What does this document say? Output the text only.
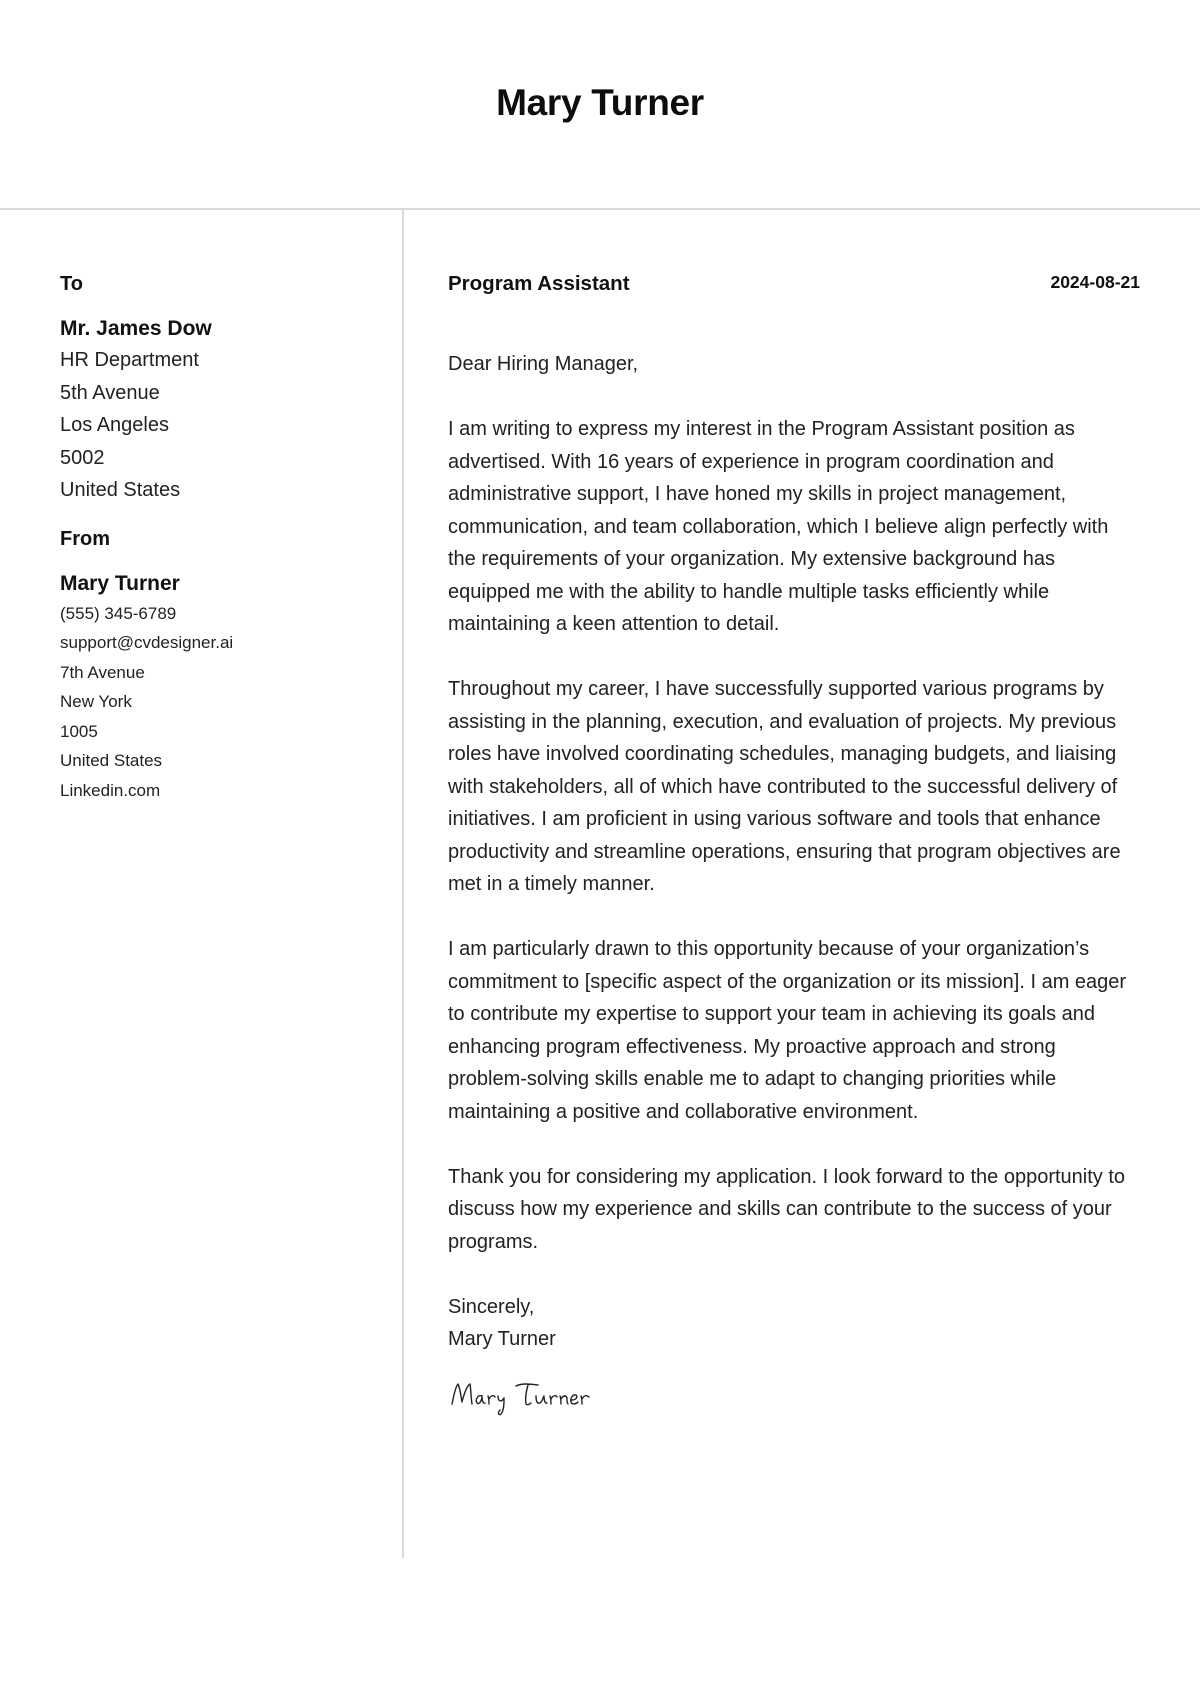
Mary Turner
To
Mr. James Dow
HR Department
5th Avenue
Los Angeles
5002
United States
From
Mary Turner
(555) 345-6789
support@cvdesigner.ai
7th Avenue
New York
1005
United States
Linkedin.com
Program Assistant	2024-08-21
Dear Hiring Manager,
I am writing to express my interest in the Program Assistant position as advertised. With 16 years of experience in program coordination and administrative support, I have honed my skills in project management, communication, and team collaboration, which I believe align perfectly with the requirements of your organization. My extensive background has equipped me with the ability to handle multiple tasks efficiently while maintaining a keen attention to detail.
Throughout my career, I have successfully supported various programs by assisting in the planning, execution, and evaluation of projects. My previous roles have involved coordinating schedules, managing budgets, and liaising with stakeholders, all of which have contributed to the successful delivery of initiatives. I am proficient in using various software and tools that enhance productivity and streamline operations, ensuring that program objectives are met in a timely manner.
I am particularly drawn to this opportunity because of your organization’s commitment to [specific aspect of the organization or its mission]. I am eager to contribute my expertise to support your team in achieving its goals and enhancing program effectiveness. My proactive approach and strong problem-solving skills enable me to adapt to changing priorities while maintaining a positive and collaborative environment.
Thank you for considering my application. I look forward to the opportunity to discuss how my experience and skills can contribute to the success of your programs.
Sincerely,
Mary Turner
